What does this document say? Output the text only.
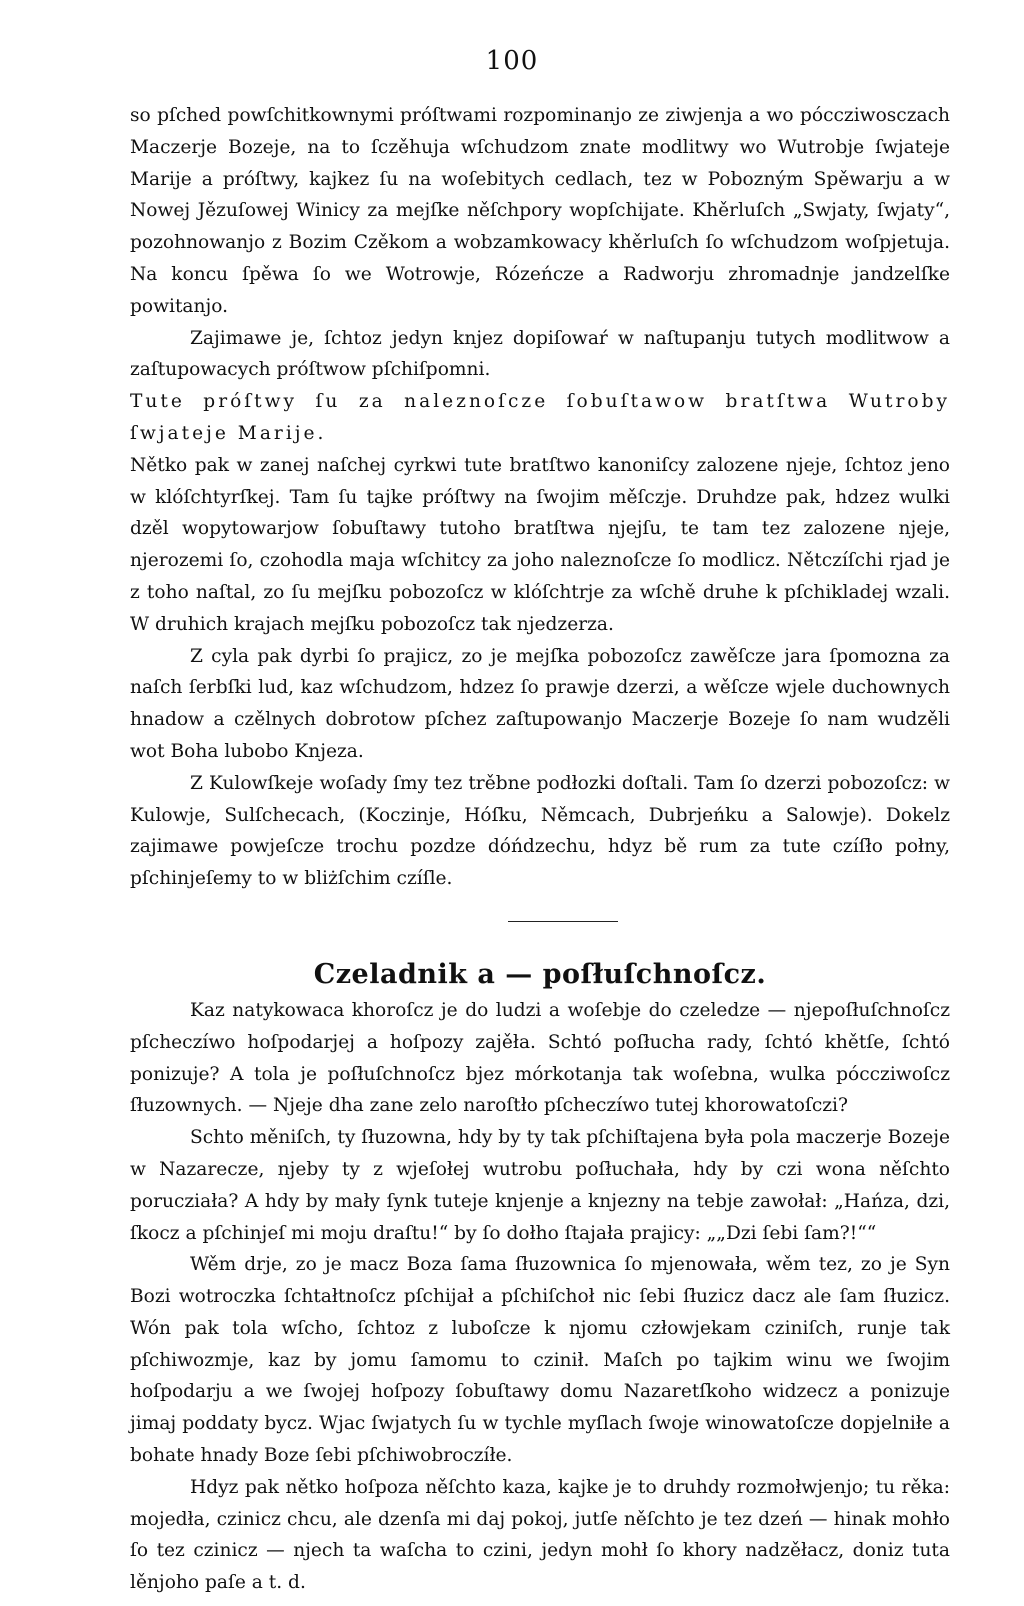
100

so pſched powſchitkownymi próſtwami rozpominanjo ze ziwjenja a wo póccziwosczach Maczerje Bozeje, na to ſczěhuja wſchudzom znate modlitwy wo Wutrobje ſwjateje Marije a próſtwy, kajkez ſu na woſebitych cedlach, tez w Pobozným Spěwarju a w Nowej Jězuſowej Winicy za mejſke něſchpory wopſchijate. Khěrluſch „Swjaty, ſwjaty“, pozohnowanjo z Bozim Czěkom a wobzamkowacy khěrluſch ſo wſchudzom woſpjetuja. Na koncu ſpěwa ſo we Wotrowje, Rózeńcze a Radworju zhromadnje jandzelſke powitanjo.

Zajimawe je, ſchtoz jedyn knjez dopiſowaŕ w naſtupanju tutych modlitwow a zaſtupowacych próſtwow pſchiſpomni.

Tute próſtwy ſu za naleznoſcze ſobuſtawow bratſtwa Wutroby ſwjateje Marije.

Nětko pak w zanej naſchej cyrkwi tute bratſtwo kanoniſcy zalozene njeje, ſchtoz jeno w klóſchtyrſkej. Tam ſu tajke próſtwy na ſwojim měſczje. Druhdze pak, hdzez wulki dzěl wopytowarjow ſobuſtawy tutoho bratſtwa njejſu, te tam tez zalozene njeje, njerozemi ſo, czohodla maja wſchitcy za joho naleznoſcze ſo modlicz. Nětczíſchi rjad je z toho naſtal, zo ſu mejſku pobozoſcz w klóſchtrje za wſchě druhe k pſchikladej wzali. W druhich krajach mejſku pobozoſcz tak njedzerza.

Z cyla pak dyrbi ſo prajicz, zo je mejſka pobozoſcz zawěſcze jara ſpomozna za naſch ſerbſki lud, kaz wſchudzom, hdzez ſo prawje dzerzi, a wěſcze wjele duchownych hnadow a czělnych dobrotow pſchez zaſtupowanjo Maczerje Bozeje ſo nam wudzěli wot Boha lubobo Knjeza.

Z Kulowſkeje woſady ſmy tez trěbne podłozki doſtali. Tam ſo dzerzi pobozoſcz: w Kulowje, Sulſchecach, (Koczinje, Hóſku, Němcach, Dubrjeńku a Salowje). Dokelz zajimawe powjeſcze trochu pozdze dóńdzechu, hdyz bě rum za tute czíſło połny, pſchinjeſemy to w bliżſchim czíſle.

Czeladnik a — poſłuſchnoſcz.

Kaz natykowaca khoroſcz je do ludzi a woſebje do czeledze — njepoſłuſchnoſcz pſcheczíwo hoſpodarjej a hoſpozy zajěła. Schtó poſłucha rady, ſchtó khětſe, ſchtó ponizuje? A tola je poſłuſchnoſcz bjez mórkotanja tak woſebna, wulka póccziwoſcz ſłuzownych. — Njeje dha zane zelo naroſtło pſcheczíwo tutej khorowatoſczi?

Schto měniſch, ty ſłuzowna, hdy by ty tak pſchiſtajena była pola maczerje Bozeje w Nazarecze, njeby ty z wjeſołej wutrobu poſłuchała, hdy by czi wona něſchto porucziała? A hdy by mały ſynk tuteje knjenje a knjezny na tebje zawołał: „Hańza, dzi, ſkocz a pſchinjeſ mi moju draſtu!“ by ſo dołho ſtajała prajicy: „„Dzi ſebi ſam?!““

Wěm drje, zo je macz Boza ſama ſłuzownica ſo mjenowała, wěm tez, zo je Syn Bozi wotroczka ſchtałtnoſcz pſchijał a pſchiſchoł nic ſebi ſłuzicz dacz ale ſam ſłuzicz. Wón pak tola wſcho, ſchtoz z luboſcze k njomu człowjekam cziniſch, runje tak pſchiwozmje, kaz by jomu ſamomu to czinił. Maſch po tajkim winu we ſwojim hoſpodarju a we ſwojej hoſpozy ſobuſtawy domu Nazaretſkoho widzecz a ponizuje jimaj poddaty bycz. Wjac ſwjatych ſu w tychle myſlach ſwoje winowatoſcze dopjelniłe a bohate hnady Boze ſebi pſchiwobroczíłe.

Hdyz pak nětko hoſpoza něſchto kaza, kajke je to druhdy rozmołwjenjo; tu rěka: mojedła, czinicz chcu, ale dzenſa mi daj pokoj, jutſe něſchto je tez dzeń — hinak mohło ſo tez czinicz — njech ta waſcha to czini, jedyn mohł ſo khory nadzěłacz, doniz tuta lěnjoho paſe a t. d.
